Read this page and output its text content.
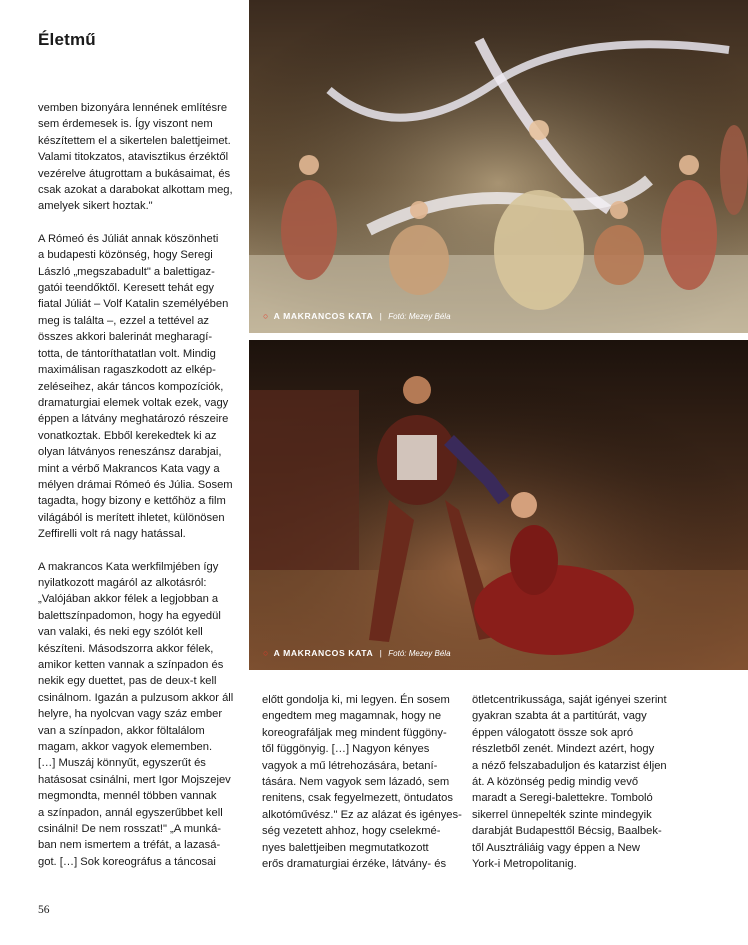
Életmű

vemben bizonyára lennének említésre
sem érdemesek is. Így viszont nem
készítettem el a sikertelen balettjeimet.
Valami titokzatos, atavisztikus érzéktől
vezérelve átugrottam a bukásaimat, és
csak azokat a darabokat alkottam meg,
amelyek sikert hoztak."

A Rómeó és Júliát annak köszönheti
a budapesti közönség, hogy Seregi
László „megszabadult" a balettigaz-
gatói teendőktől. Keresett tehát egy
fiatal Júliát – Volf Katalin személyében
meg is találta –, ezzel a tettével az
összes akkori balerinát megharagí-
totta, de tántoríthatatlan volt. Mindig
maximálisan ragaszkodott az elkép-
zeléseihez, akár táncos kompozíciók,
dramaturgiai elemek voltak ezek, vagy
éppen a látvány meghatározó részeire
vonatkoztak. Ebből kerekedtek ki az
olyan látványos reneszánsz darabjai,
mint a vérbő Makrancos Kata vagy a
mélyen drámai Rómeó és Júlia. Sosem
tagadta, hogy bizony e kettőhöz a film
világából is merített ihletet, különösen
Zeffirelli volt rá nagy hatással.

A makrancos Kata werkfilmjében így
nyilatkozott magáról az alkotásról:
„Valójában akkor félek a legjobban a
balettszínpadomon, hogy ha egyedül
van valaki, és neki egy szólót kell
készíteni. Másodszorra akkor félek,
amikor ketten vannak a színpadon és
nekik egy duettet, pas de deux-t kell
csinálnom. Igazán a pulzusom akkor áll
helyre, ha nyolcvan vagy száz ember
van a színpadon, akkor föltalálom
magam, akkor vagyok elememben.
[…] Muszáj könnyűt, egyszerűt és
hatásosat csinálni, mert Igor Mojszejev
megmondta, mennél többen vannak
a színpadon, annál egyszerűbbet kell
csinálni! De nem rosszat!" „A munká-
ban nem ismertem a tréfát, a lazasá-
got. […] Sok koreográfus a táncosai

○ A MAKRANCOS KATA | Fotó: Mezey Béla
○ A MAKRANCOS KATA | Fotó: Mezey Béla

előtt gondolja ki, mi legyen. Én sosem
engedtem meg magamnak, hogy ne
koreografáljak meg mindent függöny-
től függönyig. […] Nagyon kényes
vagyok a mű létrehozására, betaní-
tására. Nem vagyok sem lázadó, sem
renitens, csak fegyelmezett, öntudatos
alkotóművész." Ez az alázat és igényes-
ség vezetett ahhoz, hogy cselekmé-
nyes balettjeiben megmutatkozott
erős dramaturgiai érzéke, látvány- és

ötletcentrikussága, saját igényei szerint
gyakran szabta át a partitúrát, vagy
éppen válogatott össze sok apró
részletből zenét. Mindezt azért, hogy
a néző felszabaduljon és katarzist éljen
át. A közönség pedig mindig vevő
maradt a Seregi-balettekre. Tomboló
sikerrel ünnepelték szinte mindegyik
darabját Budapesttől Bécsig, Baalbek-
től Ausztráliáig vagy éppen a New
York-i Metropolitanig.

56
